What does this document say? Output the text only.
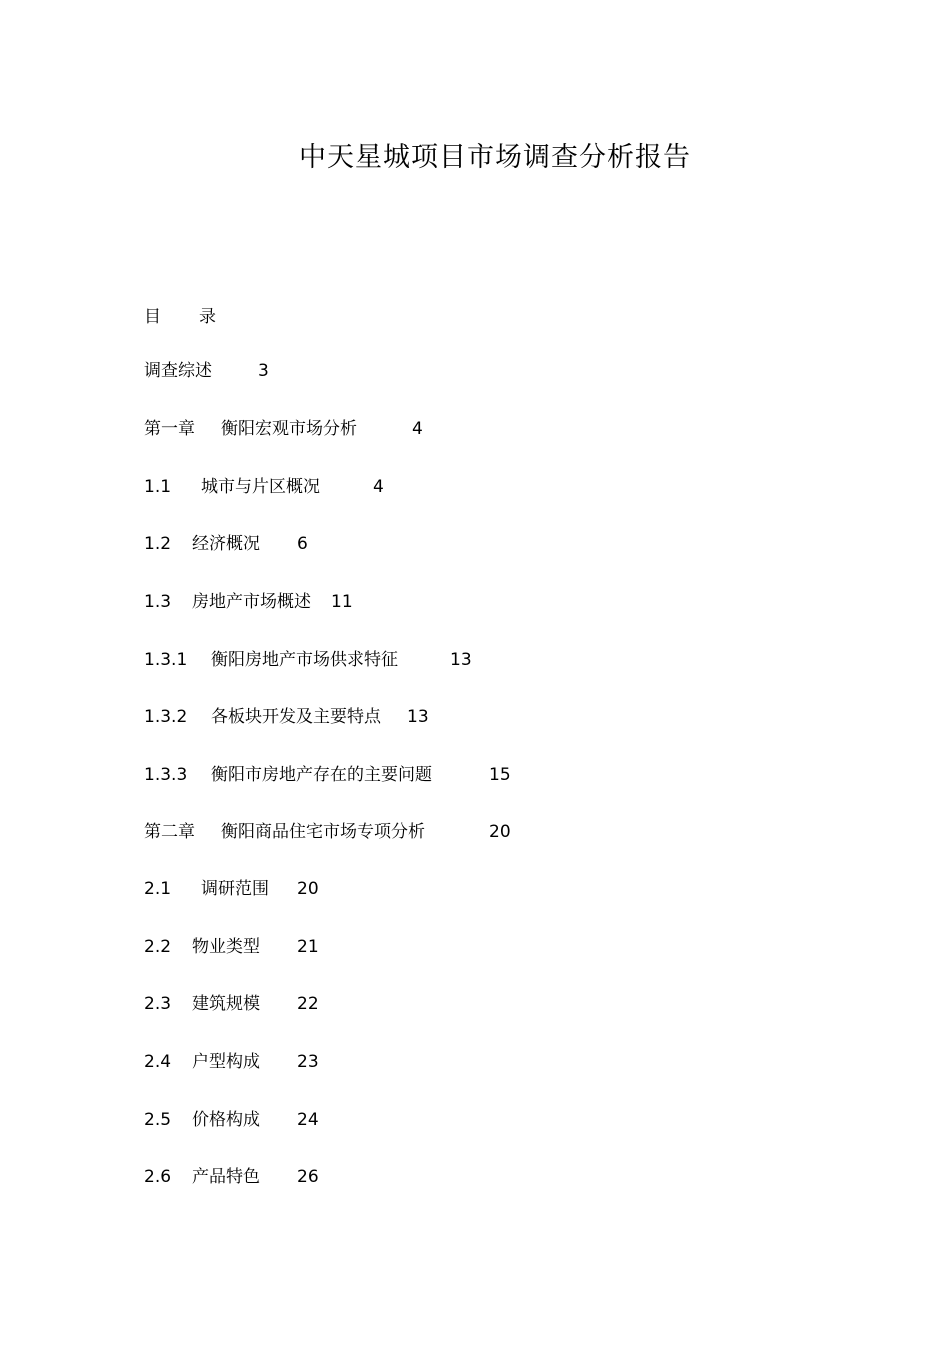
中天星城项目市场调查分析报告
目 录
调查综述	3
第一章 衡阳宏观市场分析	4
1.1 城市与片区概况	4
1.2 经济概况 6
1.3 房地产市场概述 11
1.3.1 衡阳房地产市场供求特征	13
1.3.2 各板块开发及主要特点 13
1.3.3 衡阳市房地产存在的主要问题	15
第二章 衡阳商品住宅市场专项分析	20
2.1 调研范围 20
2.2 物业类型 21
2.3 建筑规模 22
2.4 户型构成 23
2.5 价格构成 24
2.6 产品特色 26
